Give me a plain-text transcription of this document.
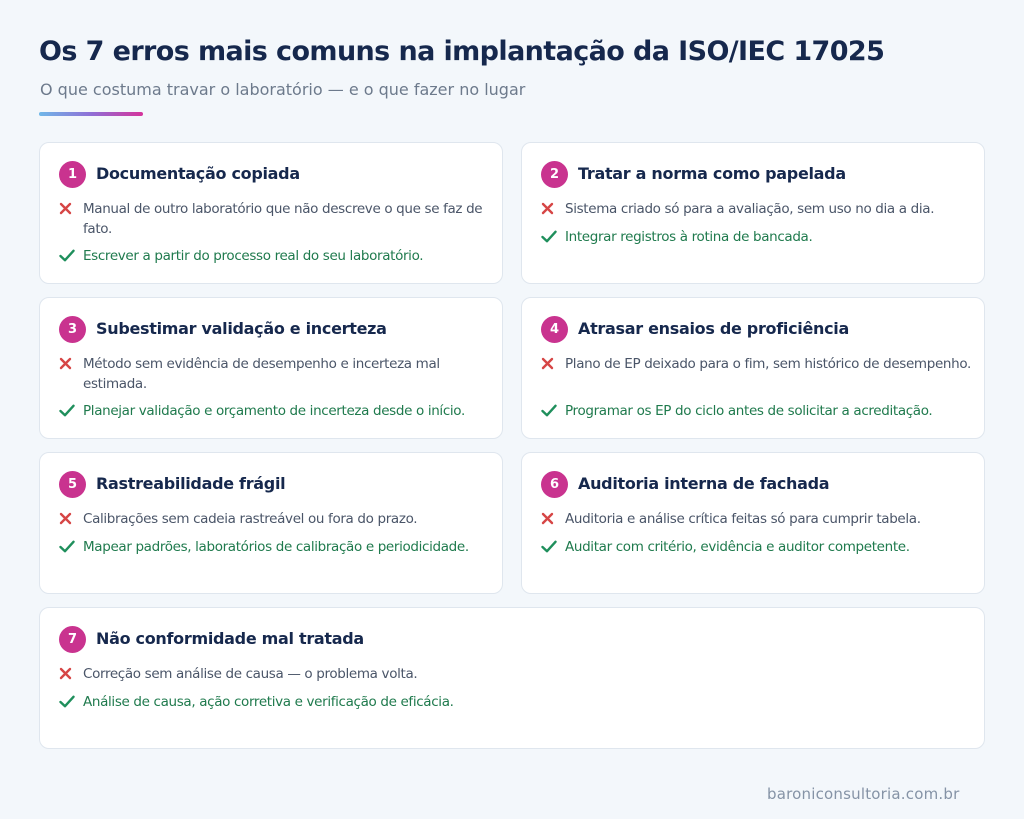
Os 7 erros mais comuns na implantação da ISO/IEC 17025
O que costuma travar o laboratório — e o que fazer no lugar
1	Documentação copiada
Manual de outro laboratório que não descreve o que se faz de fato.
Escrever a partir do processo real do seu laboratório.
2	Tratar a norma como papelada
Sistema criado só para a avaliação, sem uso no dia a dia.
Integrar registros à rotina de bancada.
3	Subestimar validação e incerteza
Método sem evidência de desempenho e incerteza mal estimada.
Planejar validação e orçamento de incerteza desde o início.
4	Atrasar ensaios de proficiência
Plano de EP deixado para o fim, sem histórico de desempenho.
Programar os EP do ciclo antes de solicitar a acreditação.
5	Rastreabilidade frágil
Calibrações sem cadeia rastreável ou fora do prazo.
Mapear padrões, laboratórios de calibração e periodicidade.
6	Auditoria interna de fachada
Auditoria e análise crítica feitas só para cumprir tabela.
Auditar com critério, evidência e auditor competente.
7	Não conformidade mal tratada
Correção sem análise de causa — o problema volta.
Análise de causa, ação corretiva e verificação de eficácia.
baroniconsultoria.com.br
